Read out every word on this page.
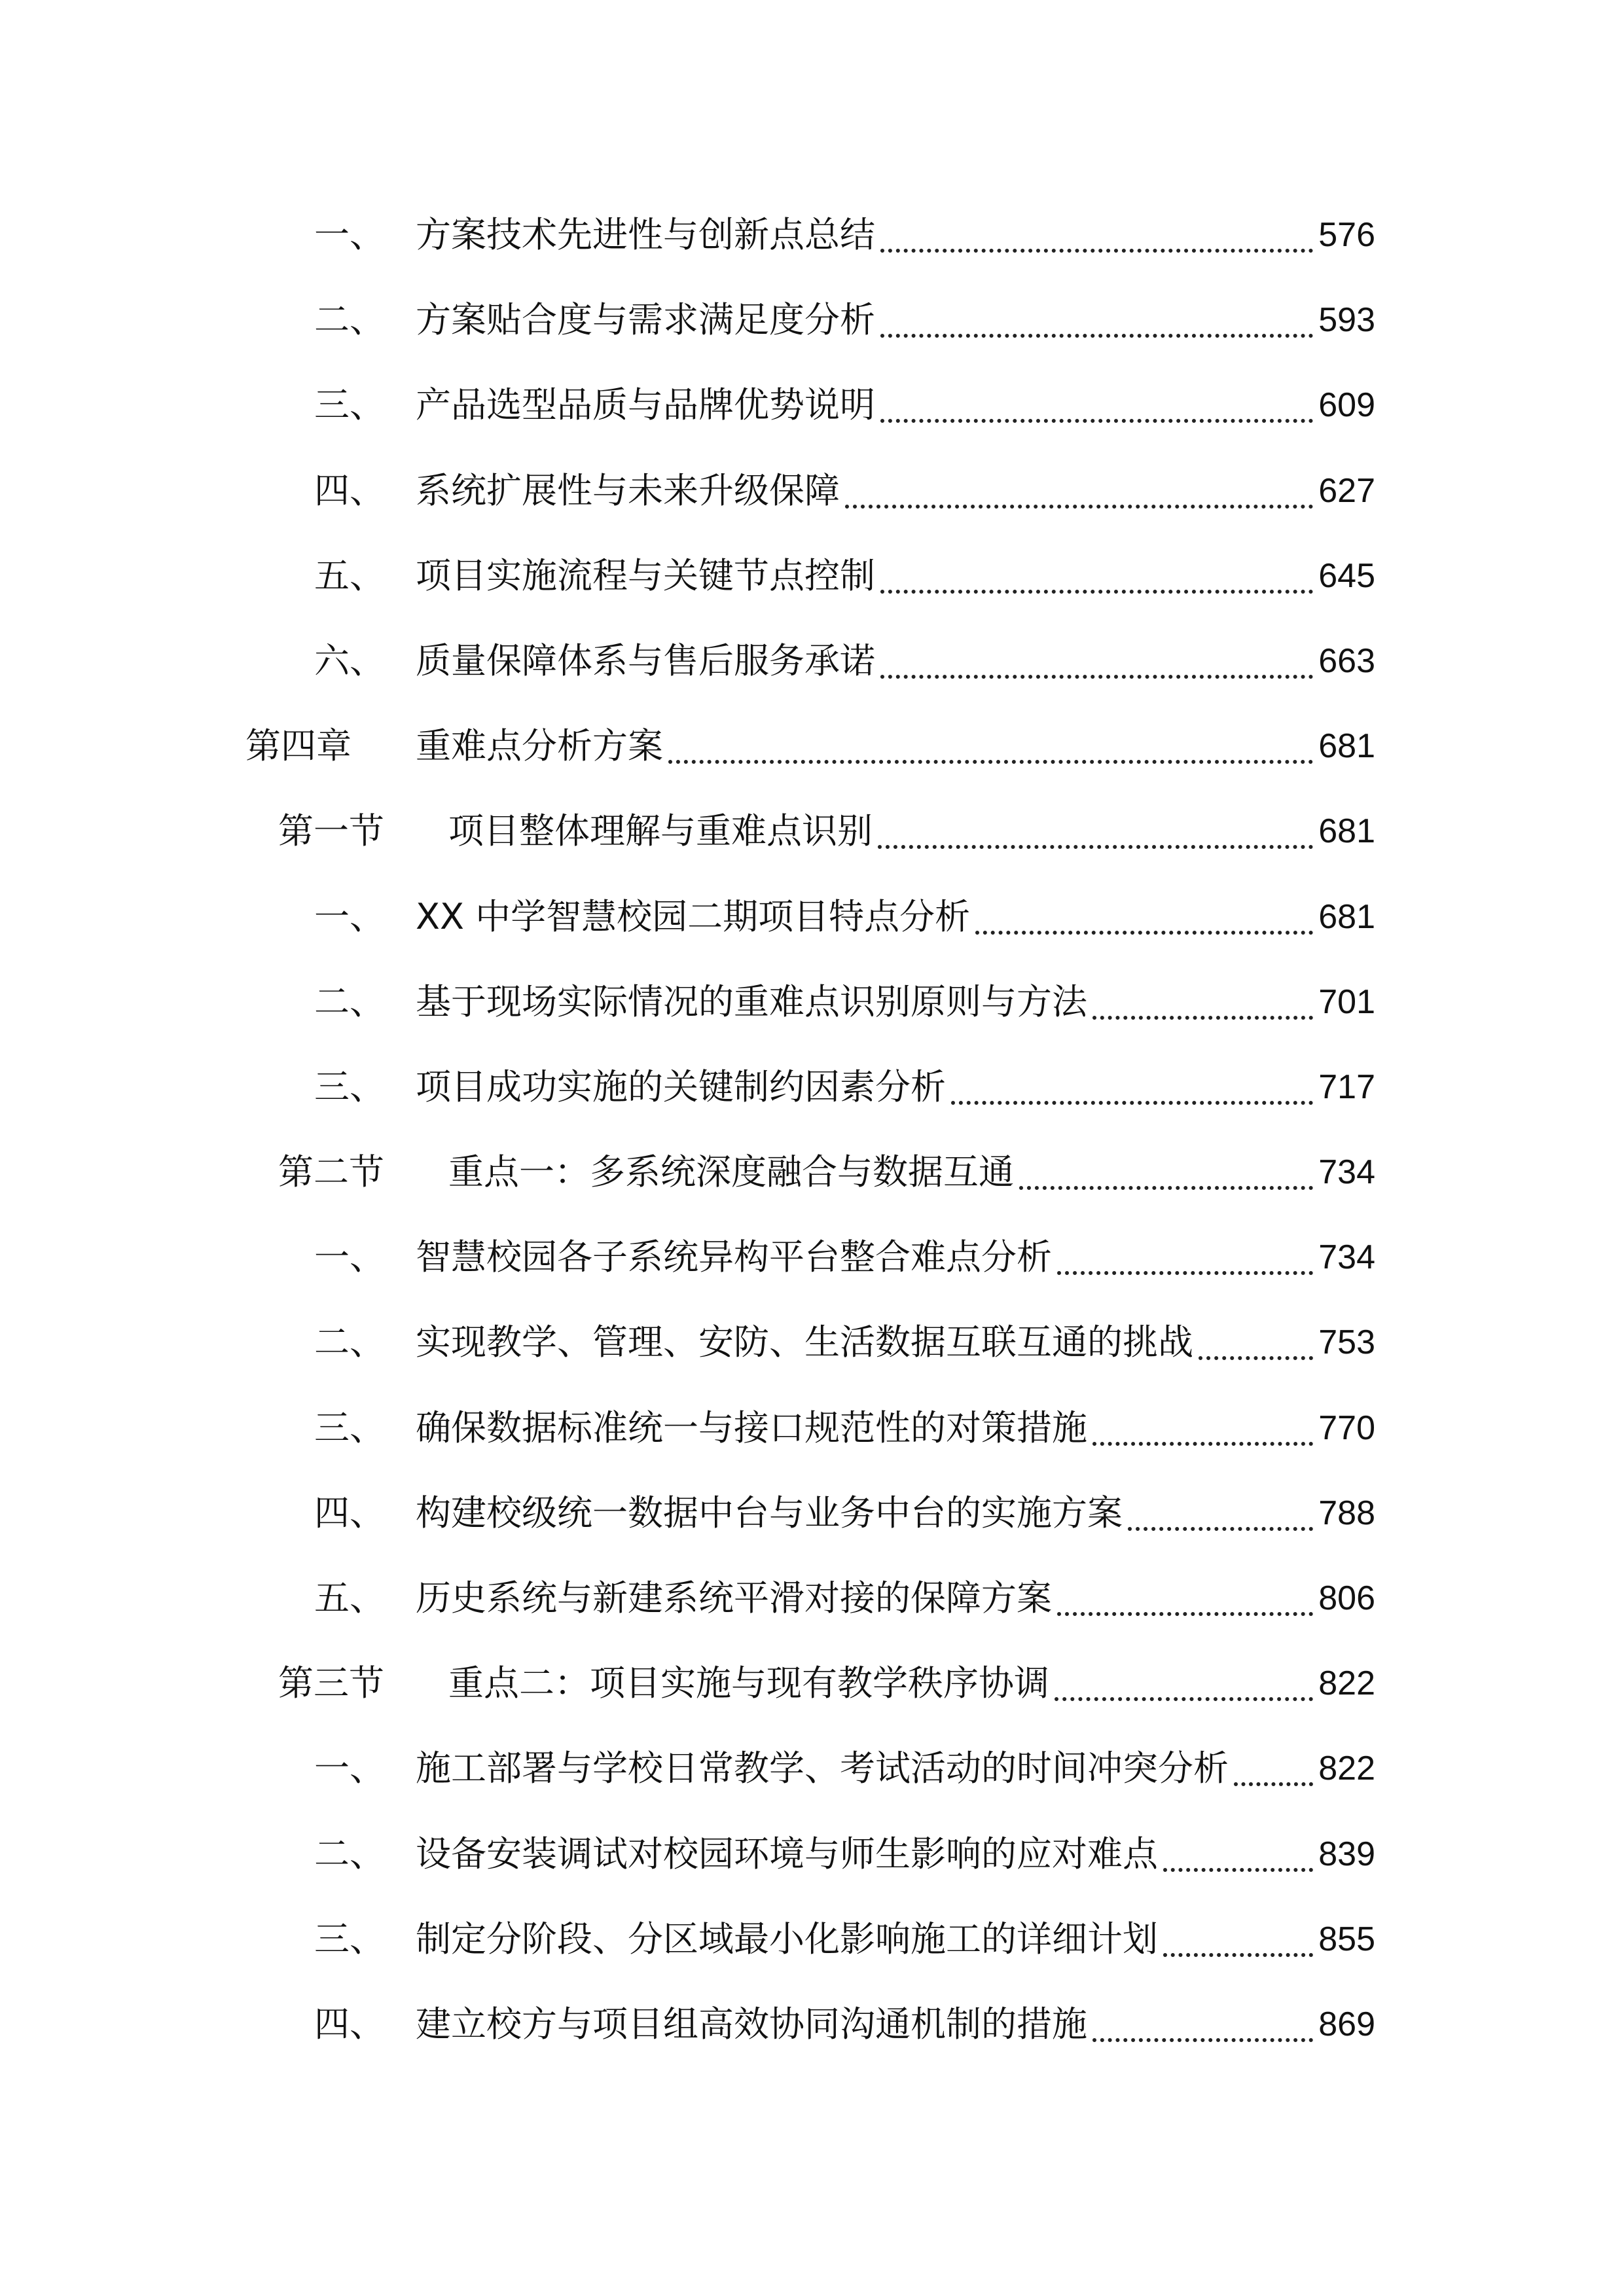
一、 方案技术先进性与创新点总结	576
二、 方案贴合度与需求满足度分析	593
三、 产品选型品质与品牌优势说明	609
四、 系统扩展性与未来升级保障	627
五、 项目实施流程与关键节点控制	645
六、 质量保障体系与售后服务承诺	663
第四章 重难点分析方案	681
第一节 项目整体理解与重难点识别	681
一、 XX 中学智慧校园二期项目特点分析	681
二、 基于现场实际情况的重难点识别原则与方法	701
三、 项目成功实施的关键制约因素分析	717
第二节 重点一：多系统深度融合与数据互通	734
一、 智慧校园各子系统异构平台整合难点分析	734
二、 实现教学、管理、安防、生活数据互联互通的挑战	753
三、 确保数据标准统一与接口规范性的对策措施	770
四、 构建校级统一数据中台与业务中台的实施方案	788
五、 历史系统与新建系统平滑对接的保障方案	806
第三节 重点二：项目实施与现有教学秩序协调	822
一、 施工部署与学校日常教学、考试活动的时间冲突分析	822
二、 设备安装调试对校园环境与师生影响的应对难点	839
三、 制定分阶段、分区域最小化影响施工的详细计划	855
四、 建立校方与项目组高效协同沟通机制的措施	869
